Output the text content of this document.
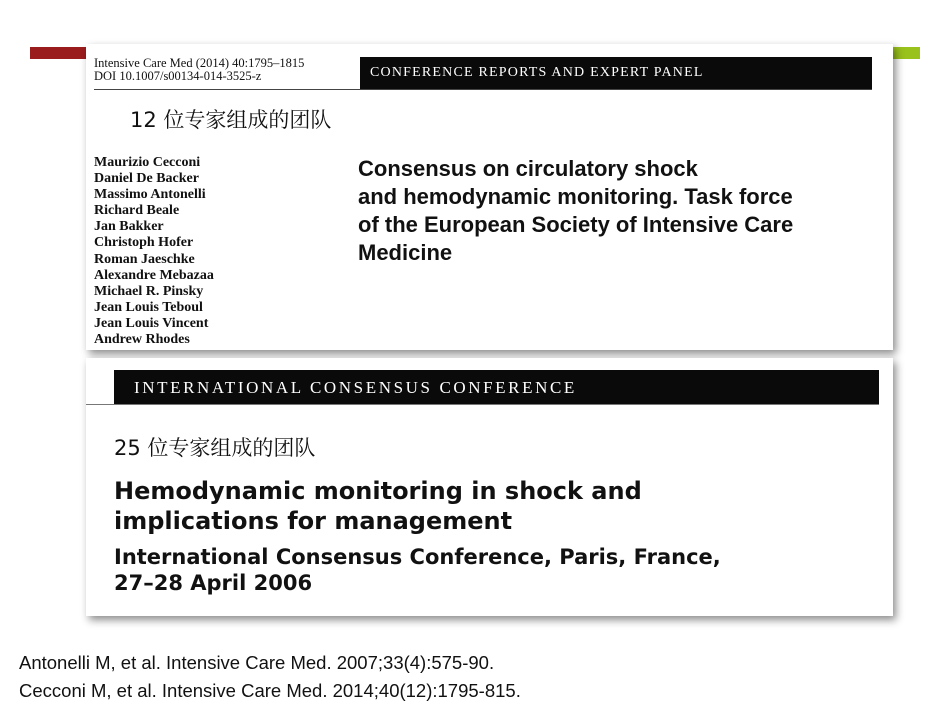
Intensive Care Med (2014) 40:1795–1815
DOI 10.1007/s00134-014-3525-z	CONFERENCE REPORTS AND EXPERT PANEL
12 位专家组成的团队
Maurizio Cecconi
Daniel De Backer
Massimo Antonelli
Richard Beale
Jan Bakker
Christoph Hofer
Roman Jaeschke
Alexandre Mebazaa
Michael R. Pinsky
Jean Louis Teboul
Jean Louis Vincent
Andrew Rhodes
Consensus on circulatory shock
and hemodynamic monitoring. Task force
of the European Society of Intensive Care
Medicine
INTERNATIONAL CONSENSUS CONFERENCE
25 位专家组成的团队
Hemodynamic monitoring in shock and
implications for management
International Consensus Conference, Paris, France,
27–28 April 2006
Antonelli M, et al. Intensive Care Med. 2007;33(4):575-90.
Cecconi M, et al. Intensive Care Med. 2014;40(12):1795-815.
